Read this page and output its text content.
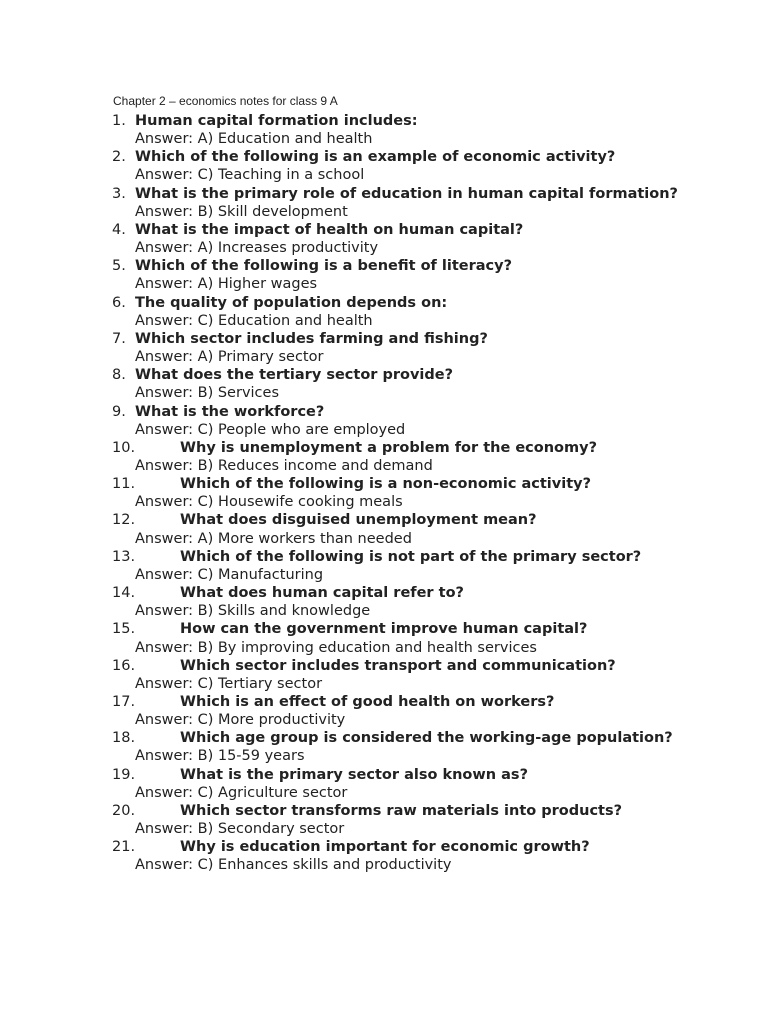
Chapter 2 – economics notes for class 9 A
1. Human capital formation includes:
Answer: A) Education and health
2. Which of the following is an example of economic activity?
Answer: C) Teaching in a school
3. What is the primary role of education in human capital formation?
Answer: B) Skill development
4. What is the impact of health on human capital?
Answer: A) Increases productivity
5. Which of the following is a benefit of literacy?
Answer: A) Higher wages
6. The quality of population depends on:
Answer: C) Education and health
7. Which sector includes farming and fishing?
Answer: A) Primary sector
8. What does the tertiary sector provide?
Answer: B) Services
9. What is the workforce?
Answer: C) People who are employed
10.	Why is unemployment a problem for the economy?
Answer: B) Reduces income and demand
11.	Which of the following is a non-economic activity?
Answer: C) Housewife cooking meals
12.	What does disguised unemployment mean?
Answer: A) More workers than needed
13.	Which of the following is not part of the primary sector?
Answer: C) Manufacturing
14.	What does human capital refer to?
Answer: B) Skills and knowledge
15.	How can the government improve human capital?
Answer: B) By improving education and health services
16.	Which sector includes transport and communication?
Answer: C) Tertiary sector
17.	Which is an effect of good health on workers?
Answer: C) More productivity
18.	Which age group is considered the working-age population?
Answer: B) 15-59 years
19.	What is the primary sector also known as?
Answer: C) Agriculture sector
20.	Which sector transforms raw materials into products?
Answer: B) Secondary sector
21.	Why is education important for economic growth?
Answer: C) Enhances skills and productivity
